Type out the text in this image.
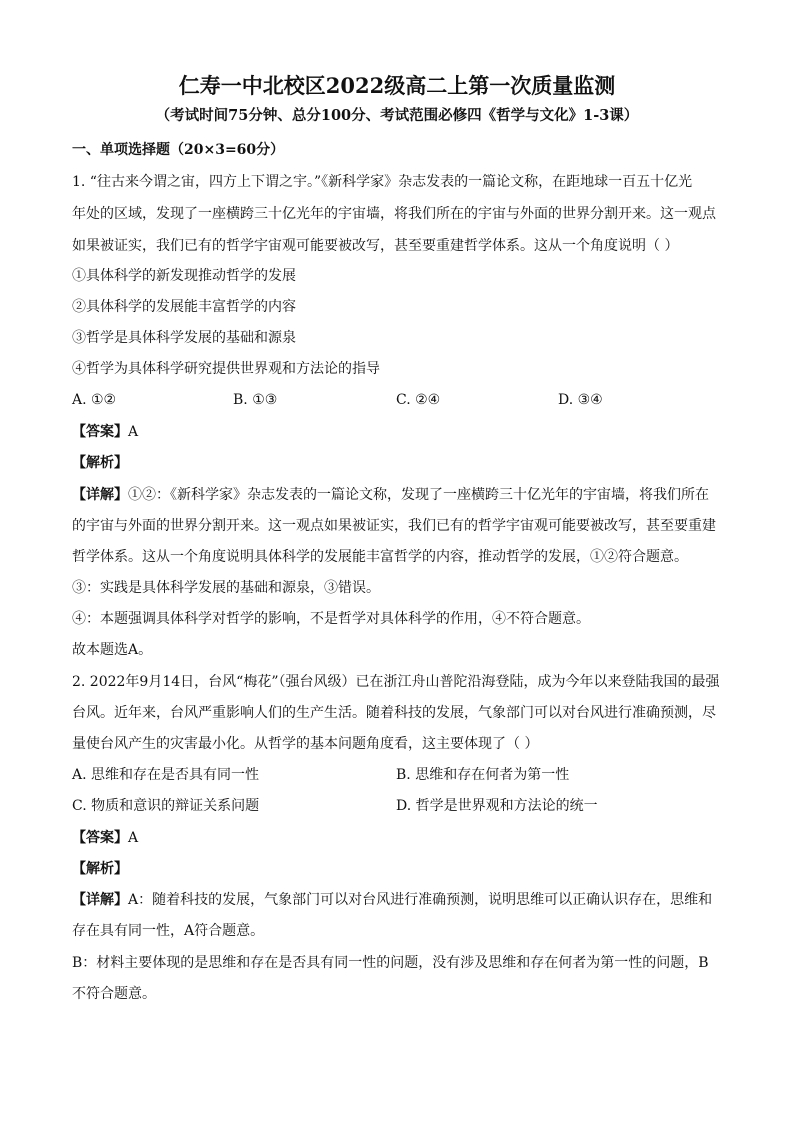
仁寿一中北校区2022级高二上第一次质量监测
（考试时间75分钟、总分100分、考试范围必修四《哲学与文化》1-3课）
一、单项选择题（20×3=60分）
1. “往古来今谓之宙，四方上下谓之宇。”《新科学家》杂志发表的一篇论文称，在距地球一百五十亿光
年处的区域，发现了一座横跨三十亿光年的宇宙墙，将我们所在的宇宙与外面的世界分割开来。这一观点
如果被证实，我们已有的哲学宇宙观可能要被改写，甚至要重建哲学体系。这从一个角度说明（ ）
①具体科学的新发现推动哲学的发展
②具体科学的发展能丰富哲学的内容
③哲学是具体科学发展的基础和源泉
④哲学为具体科学研究提供世界观和方法论的指导
A. ①②	B. ①③	C. ②④	D. ③④
【答案】A
【解析】
【详解】①②：《新科学家》杂志发表的一篇论文称，发现了一座横跨三十亿光年的宇宙墙，将我们所在
的宇宙与外面的世界分割开来。这一观点如果被证实，我们已有的哲学宇宙观可能要被改写，甚至要重建
哲学体系。这从一个角度说明具体科学的发展能丰富哲学的内容，推动哲学的发展，①②符合题意。
③：实践是具体科学发展的基础和源泉，③错误。
④：本题强调具体科学对哲学的影响，不是哲学对具体科学的作用，④不符合题意。
故本题选A。
2. 2022年9月14日，台风“梅花”（强台风级）已在浙江舟山普陀沿海登陆，成为今年以来登陆我国的最强
台风。近年来，台风严重影响人们的生产生活。随着科技的发展，气象部门可以对台风进行准确预测，尽
量使台风产生的灾害最小化。从哲学的基本问题角度看，这主要体现了（ ）
A. 思维和存在是否具有同一性	B. 思维和存在何者为第一性
C. 物质和意识的辩证关系问题	D. 哲学是世界观和方法论的统一
【答案】A
【解析】
【详解】A：随着科技的发展，气象部门可以对台风进行准确预测，说明思维可以正确认识存在，思维和
存在具有同一性，A符合题意。
B：材料主要体现的是思维和存在是否具有同一性的问题，没有涉及思维和存在何者为第一性的问题，B
不符合题意。
